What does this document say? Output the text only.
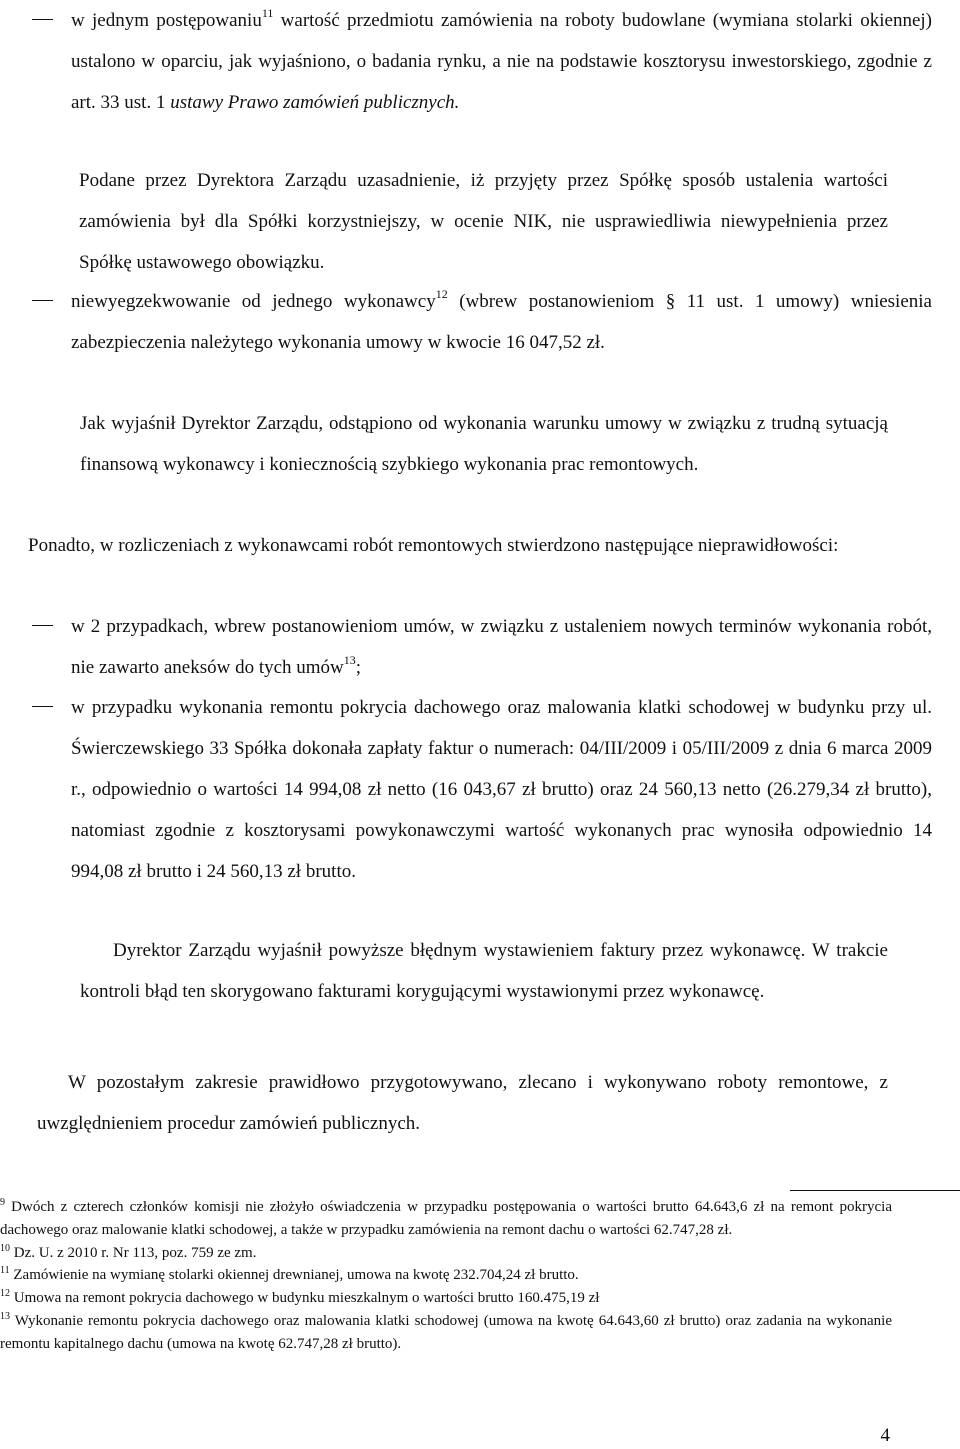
w jednym postępowaniu$^{11}$ wartość przedmiotu zamówienia na roboty budowlane (wymiana stolarki okiennej) ustalono w oparciu, jak wyjaśniono, o badania rynku, a nie na podstawie kosztorysu inwestorskiego, zgodnie z art. 33 ust. 1 ustawy Prawo zamówień publicznych.
Podane przez Dyrektora Zarządu uzasadnienie, iż przyjęty przez Spółkę sposób ustalenia wartości zamówienia był dla Spółki korzystniejszy, w ocenie NIK, nie usprawiedliwia niewypełnienia przez Spółkę ustawowego obowiązku.
niewyegzekwowanie od jednego wykonawcy$^{12}$ (wbrew postanowieniom § 11 ust. 1 umowy) wniesienia zabezpieczenia należytego wykonania umowy w kwocie 16 047,52 zł.
Jak wyjaśnił Dyrektor Zarządu, odstąpiono od wykonania warunku umowy w związku z trudną sytuacją finansową wykonawcy i koniecznością szybkiego wykonania prac remontowych.
Ponadto, w rozliczeniach z wykonawcami robót remontowych stwierdzono następujące nieprawidłowości:
w 2 przypadkach, wbrew postanowieniom umów, w związku z ustaleniem nowych terminów wykonania robót, nie zawarto aneksów do tych umów$^{13}$;
w przypadku wykonania remontu pokrycia dachowego oraz malowania klatki schodowej w budynku przy ul. Świerczewskiego 33 Spółka dokonała zapłaty faktur o numerach: 04/III/2009 i 05/III/2009 z dnia 6 marca 2009 r., odpowiednio o wartości 14 994,08 zł netto (16 043,67 zł brutto) oraz 24 560,13 netto (26.279,34 zł brutto), natomiast zgodnie z kosztorysami powykonawczymi wartość wykonanych prac wynosiła odpowiednio 14 994,08 zł brutto i 24 560,13 zł brutto.
Dyrektor Zarządu wyjaśnił powyższe błędnym wystawieniem faktury przez wykonawcę. W trakcie kontroli błąd ten skorygowano fakturami korygującymi wystawionymi przez wykonawcę.
W pozostałym zakresie prawidłowo przygotowywano, zlecano i wykonywano roboty remontowe, z uwzględnieniem procedur zamówień publicznych.
$^9$ Dwóch z czterech członków komisji nie złożyło oświadczenia w przypadku postępowania o wartości brutto 64.643,6 zł na remont pokrycia dachowego oraz malowanie klatki schodowej, a także w przypadku zamówienia na remont dachu o wartości 62.747,28 zł.
$^{10}$ Dz. U. z 2010 r. Nr 113, poz. 759 ze zm.
$^{11}$ Zamówienie na wymianę stolarki okiennej drewnianej, umowa na kwotę 232.704,24 zł brutto.
$^{12}$ Umowa na remont pokrycia dachowego w budynku mieszkalnym o wartości brutto 160.475,19 zł
$^{13}$ Wykonanie remontu pokrycia dachowego oraz malowania klatki schodowej (umowa na kwotę 64.643,60 zł brutto) oraz zadania na wykonanie remontu kapitalnego dachu (umowa na kwotę 62.747,28 zł brutto).
4
